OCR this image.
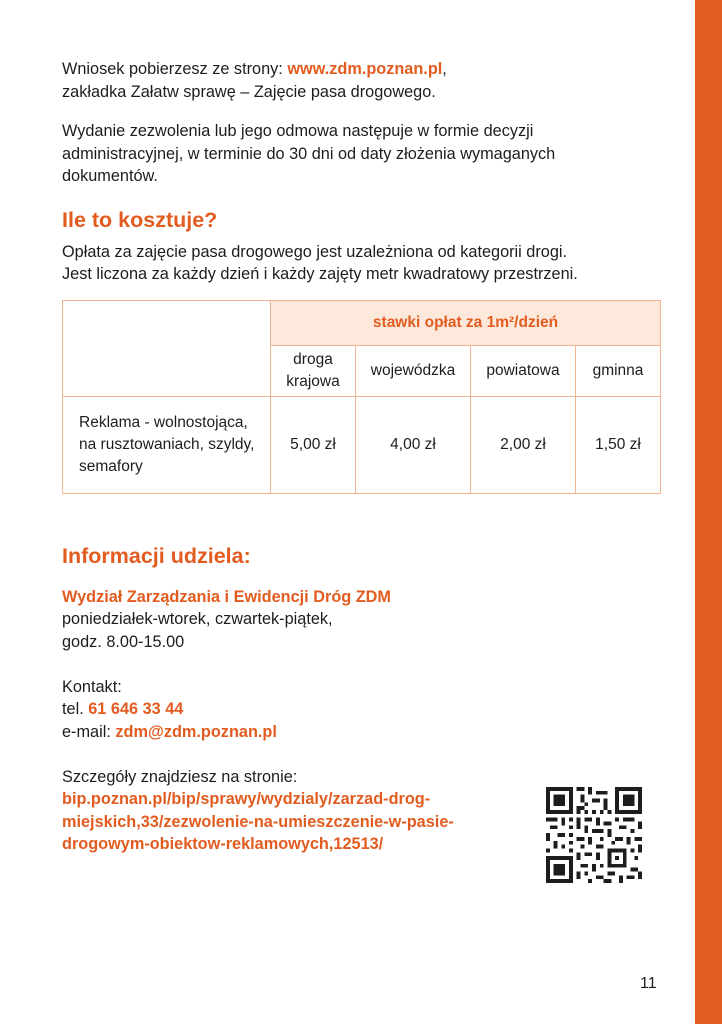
Wniosek pobierzesz ze strony: www.zdm.poznan.pl,
zakładka Załatw sprawę – Zajęcie pasa drogowego.

Wydanie zezwolenia lub jego odmowa następuje w formie decyzji
administracyjnej, w terminie do 30 dni od daty złożenia wymaganych
dokumentów.

Ile to kosztuje?

Opłata za zajęcie pasa drogowego jest uzależniona od kategorii drogi.
Jest liczona za każdy dzień i każdy zajęty metr kwadratowy przestrzeni.

	stawki opłat za 1m²/dzień			
	droga krajowa	wojewódzka	powiatowa	gminna
Reklama - wolnostojąca, na rusztowaniach, szyldy, semafory	5,00 zł	4,00 zł	2,00 zł	1,50 zł
Informacji udziela:

Wydział Zarządzania i Ewidencji Dróg ZDM
poniedziałek-wtorek, czwartek-piątek,
godz. 8.00-15.00

Kontakt:
tel. 61 646 33 44
e-mail: zdm@zdm.poznan.pl

Szczegóły znajdziesz na stronie:
bip.poznan.pl/bip/sprawy/wydzialy/zarzad-drog-
miejskich,33/zezwolenie-na-umieszczenie-w-pasie-
drogowym-obiektow-reklamowych,12513/

11
